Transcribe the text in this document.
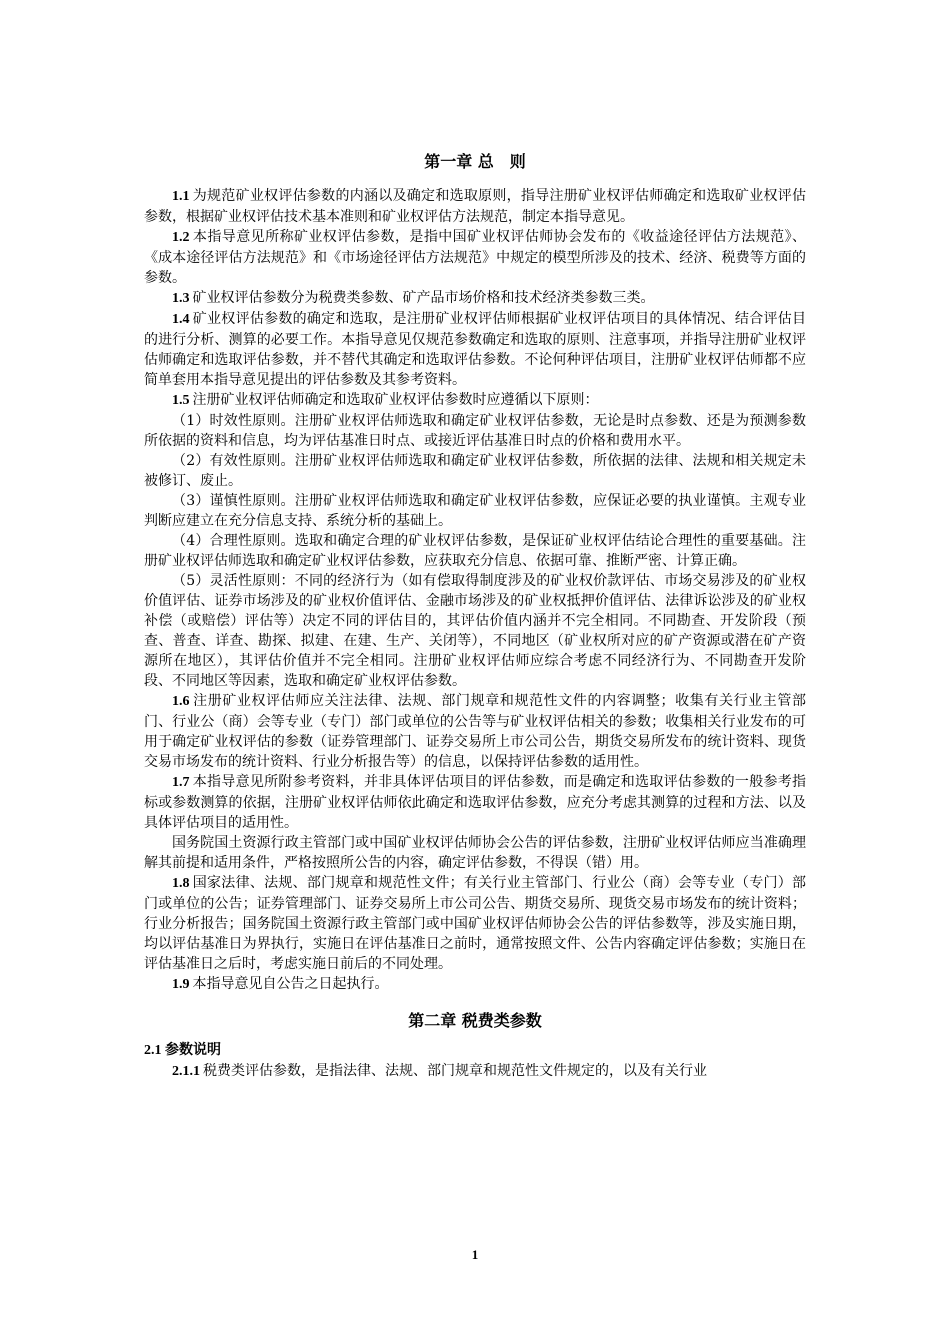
第一章 总　则

1.1 为规范矿业权评估参数的内涵以及确定和选取原则，指导注册矿业权评估师确定和选取矿业权评估参数，根据矿业权评估技术基本准则和矿业权评估方法规范，制定本指导意见。

1.2 本指导意见所称矿业权评估参数，是指中国矿业权评估师协会发布的《收益途径评估方法规范》、《成本途径评估方法规范》和《市场途径评估方法规范》中规定的模型所涉及的技术、经济、税费等方面的参数。

1.3 矿业权评估参数分为税费类参数、矿产品市场价格和技术经济类参数三类。

1.4 矿业权评估参数的确定和选取，是注册矿业权评估师根据矿业权评估项目的具体情况、结合评估目的进行分析、测算的必要工作。本指导意见仅规范参数确定和选取的原则、注意事项，并指导注册矿业权评估师确定和选取评估参数，并不替代其确定和选取评估参数。不论何种评估项目，注册矿业权评估师都不应简单套用本指导意见提出的评估参数及其参考资料。

1.5 注册矿业权评估师确定和选取矿业权评估参数时应遵循以下原则：

（1）时效性原则。注册矿业权评估师选取和确定矿业权评估参数，无论是时点参数、还是为预测参数所依据的资料和信息，均为评估基准日时点、或接近评估基准日时点的价格和费用水平。

（2）有效性原则。注册矿业权评估师选取和确定矿业权评估参数，所依据的法律、法规和相关规定未被修订、废止。

（3）谨慎性原则。注册矿业权评估师选取和确定矿业权评估参数，应保证必要的执业谨慎。主观专业判断应建立在充分信息支持、系统分析的基础上。

（4）合理性原则。选取和确定合理的矿业权评估参数，是保证矿业权评估结论合理性的重要基础。注册矿业权评估师选取和确定矿业权评估参数，应获取充分信息、依据可靠、推断严密、计算正确。

（5）灵活性原则：不同的经济行为（如有偿取得制度涉及的矿业权价款评估、市场交易涉及的矿业权价值评估、证券市场涉及的矿业权价值评估、金融市场涉及的矿业权抵押价值评估、法律诉讼涉及的矿业权补偿（或赔偿）评估等）决定不同的评估目的，其评估价值内涵并不完全相同。不同勘查、开发阶段（预查、普查、详查、勘探、拟建、在建、生产、关闭等），不同地区（矿业权所对应的矿产资源或潜在矿产资源所在地区），其评估价值并不完全相同。注册矿业权评估师应综合考虑不同经济行为、不同勘查开发阶段、不同地区等因素，选取和确定矿业权评估参数。

1.6 注册矿业权评估师应关注法律、法规、部门规章和规范性文件的内容调整；收集有关行业主管部门、行业公（商）会等专业（专门）部门或单位的公告等与矿业权评估相关的参数；收集相关行业发布的可用于确定矿业权评估的参数（证券管理部门、证券交易所上市公司公告，期货交易所发布的统计资料、现货交易市场发布的统计资料、行业分析报告等）的信息，以保持评估参数的适用性。

1.7 本指导意见所附参考资料，并非具体评估项目的评估参数，而是确定和选取评估参数的一般参考指标或参数测算的依据，注册矿业权评估师依此确定和选取评估参数，应充分考虑其测算的过程和方法、以及具体评估项目的适用性。

国务院国土资源行政主管部门或中国矿业权评估师协会公告的评估参数，注册矿业权评估师应当准确理解其前提和适用条件，严格按照所公告的内容，确定评估参数，不得误（错）用。

1.8 国家法律、法规、部门规章和规范性文件；有关行业主管部门、行业公（商）会等专业（专门）部门或单位的公告；证券管理部门、证券交易所上市公司公告、期货交易所、现货交易市场发布的统计资料；行业分析报告；国务院国土资源行政主管部门或中国矿业权评估师协会公告的评估参数等，涉及实施日期，均以评估基准日为界执行，实施日在评估基准日之前时，通常按照文件、公告内容确定评估参数；实施日在评估基准日之后时，考虑实施日前后的不同处理。

1.9 本指导意见自公告之日起执行。

第二章 税费类参数
2.1 参数说明

2.1.1 税费类评估参数，是指法律、法规、部门规章和规范性文件规定的，以及有关行业

1
